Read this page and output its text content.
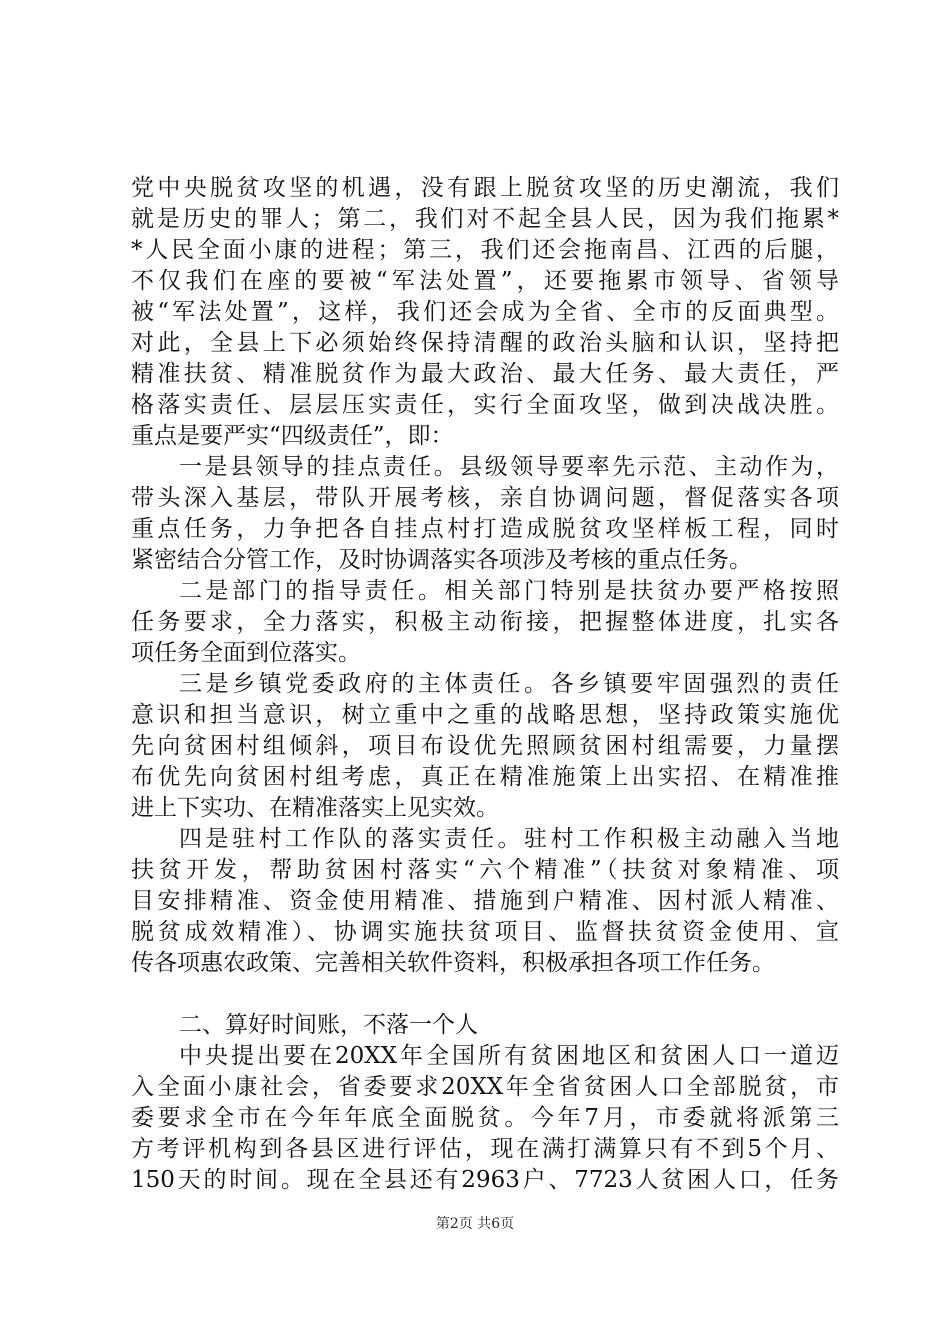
党中央脱贫攻坚的机遇，没有跟上脱贫攻坚的历史潮流，我们
就是历史的罪人；第二，我们对不起全县人民，因为我们拖累*
*人民全面小康的进程；第三，我们还会拖南昌、江西的后腿，
不仅我们在座的要被“军法处置”，还要拖累市领导、省领导
被“军法处置”，这样，我们还会成为全省、全市的反面典型。
对此，全县上下必须始终保持清醒的政治头脑和认识，坚持把
精准扶贫、精准脱贫作为最大政治、最大任务、最大责任，严
格落实责任、层层压实责任，实行全面攻坚，做到决战决胜。
重点是要严实“四级责任”，即：
一是县领导的挂点责任。县级领导要率先示范、主动作为，
带头深入基层，带队开展考核，亲自协调问题，督促落实各项
重点任务，力争把各自挂点村打造成脱贫攻坚样板工程，同时
紧密结合分管工作，及时协调落实各项涉及考核的重点任务。
二是部门的指导责任。相关部门特别是扶贫办要严格按照
任务要求，全力落实，积极主动衔接，把握整体进度，扎实各
项任务全面到位落实。
三是乡镇党委政府的主体责任。各乡镇要牢固强烈的责任
意识和担当意识，树立重中之重的战略思想，坚持政策实施优
先向贫困村组倾斜，项目布设优先照顾贫困村组需要，力量摆
布优先向贫困村组考虑，真正在精准施策上出实招、在精准推
进上下实功、在精准落实上见实效。
四是驻村工作队的落实责任。驻村工作积极主动融入当地
扶贫开发，帮助贫困村落实“六个精准”（扶贫对象精准、项
目安排精准、资金使用精准、措施到户精准、因村派人精准、
脱贫成效精准）、协调实施扶贫项目、监督扶贫资金使用、宣
传各项惠农政策、完善相关软件资料，积极承担各项工作任务。
二、算好时间账，不落一个人
中央提出要在20XX年全国所有贫困地区和贫困人口一道迈
入全面小康社会，省委要求20XX年全省贫困人口全部脱贫，市
委要求全市在今年年底全面脱贫。今年7月，市委就将派第三
方考评机构到各县区进行评估，现在满打满算只有不到5个月、
150天的时间。现在全县还有2963户、7723人贫困人口，任务
第2页 共6页
